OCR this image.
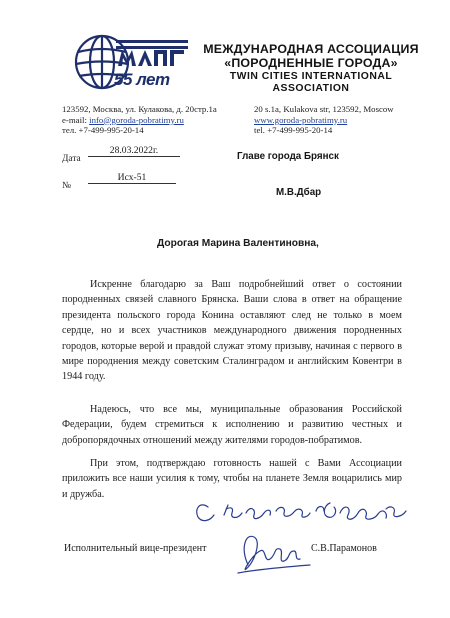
55 лет
МЕЖДУНАРОДНАЯ АССОЦИАЦИЯ
«ПОРОДНЕННЫЕ ГОРОДА»
TWIN CITIES INTERNATIONAL
ASSOCIATION
123592, Москва, ул. Кулакова, д. 20стр.1а
e-mail: info@goroda-pobratimy.ru
тел. +7-499-995-20-14
20 s.1a, Kulakova str, 123592, Moscow
www.goroda-pobratimy.ru
tel. +7-499-995-20-14
Дата
28.03.2022г.
№
Исх-51
Главе города Брянск
М.В.Дбар
Дорогая Марина Валентиновна,
Искренне благодарю за Ваш подробнейший ответ о состоянии породненных связей славного Брянска. Ваши слова в ответ на обращение президента польского города Конина оставляют след не только в моем сердце, но и всех участников международного движения породненных городов, которые верой и правдой служат этому призыву, начиная с первого в мире породнения между советским Сталинградом и английским Ковентри в 1944 году.
Надеюсь, что все мы, муниципальные образования Российской Федерации, будем стремиться к исполнению и развитию честных и добропорядочных отношений между жителями городов-побратимов.
При этом, подтверждаю готовность нашей с Вами Ассоциации приложить все наши усилия к тому, чтобы на планете Земля воцарились мир и дружба.
Исполнительный вице-президент	С.В.Парамонов
